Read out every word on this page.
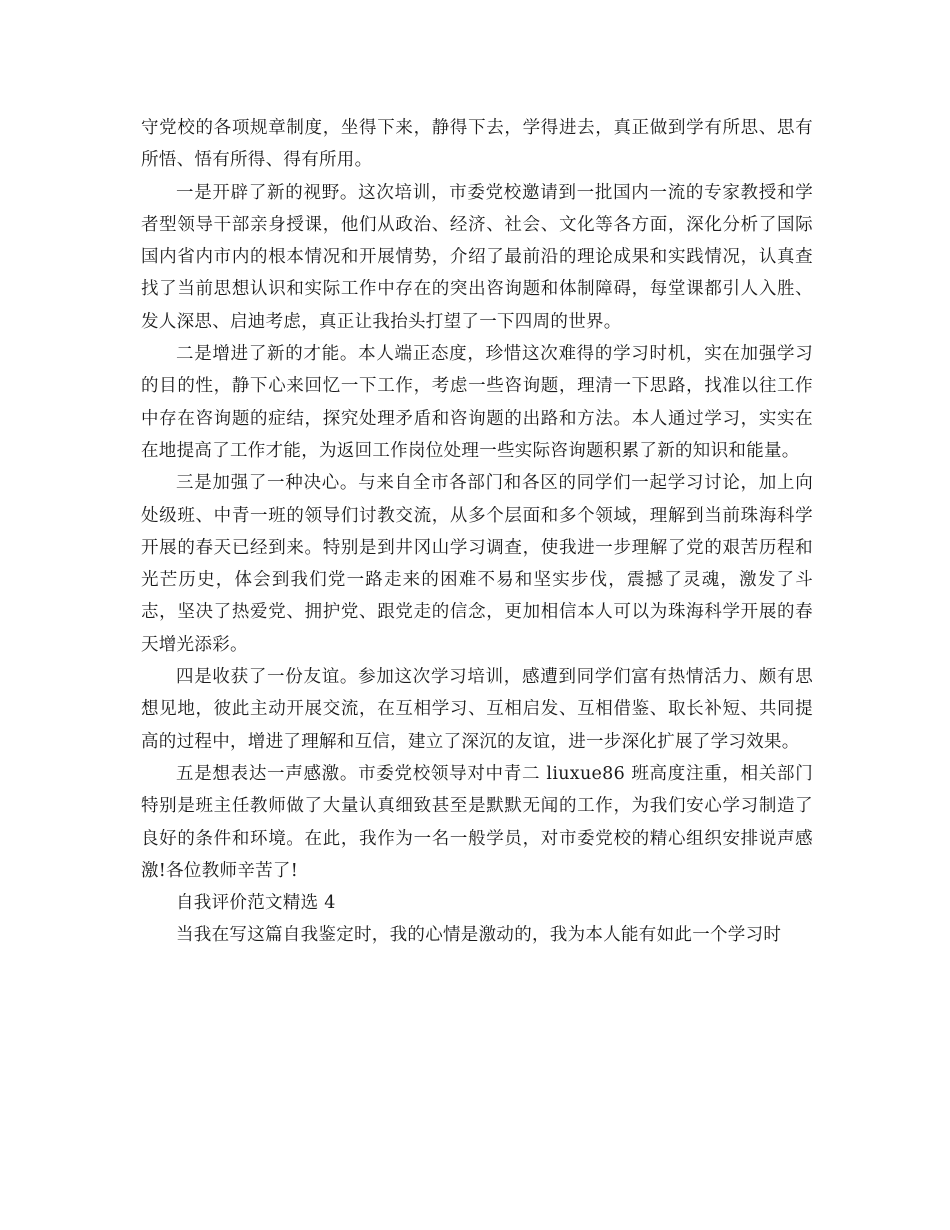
守党校的各项规章制度，坐得下来，静得下去，学得进去，真正做到学有所思、思有所悟、悟有所得、得有所用。

一是开辟了新的视野。这次培训，市委党校邀请到一批国内一流的专家教授和学者型领导干部亲身授课，他们从政治、经济、社会、文化等各方面，深化分析了国际国内省内市内的根本情况和开展情势，介绍了最前沿的理论成果和实践情况，认真查找了当前思想认识和实际工作中存在的突出咨询题和体制障碍，每堂课都引人入胜、发人深思、启迪考虑，真正让我抬头打望了一下四周的世界。

二是增进了新的才能。本人端正态度，珍惜这次难得的学习时机，实在加强学习的目的性，静下心来回忆一下工作，考虑一些咨询题，理清一下思路，找准以往工作中存在咨询题的症结，探究处理矛盾和咨询题的出路和方法。本人通过学习，实实在在地提高了工作才能，为返回工作岗位处理一些实际咨询题积累了新的知识和能量。

三是加强了一种决心。与来自全市各部门和各区的同学们一起学习讨论，加上向处级班、中青一班的领导们讨教交流，从多个层面和多个领域，理解到当前珠海科学开展的春天已经到来。特别是到井冈山学习调查，使我进一步理解了党的艰苦历程和光芒历史，体会到我们党一路走来的困难不易和坚实步伐，震撼了灵魂，激发了斗志，坚决了热爱党、拥护党、跟党走的信念，更加相信本人可以为珠海科学开展的春天增光添彩。

四是收获了一份友谊。参加这次学习培训，感遭到同学们富有热情活力、颇有思想见地，彼此主动开展交流，在互相学习、互相启发、互相借鉴、取长补短、共同提高的过程中，增进了理解和互信，建立了深沉的友谊，进一步深化扩展了学习效果。

五是想表达一声感激。市委党校领导对中青二 liuxue86 班高度注重，相关部门特别是班主任教师做了大量认真细致甚至是默默无闻的工作，为我们安心学习制造了良好的条件和环境。在此，我作为一名一般学员，对市委党校的精心组织安排说声感激!各位教师辛苦了!

自我评价范文精选 4

当我在写这篇自我鉴定时，我的心情是激动的，我为本人能有如此一个学习时
